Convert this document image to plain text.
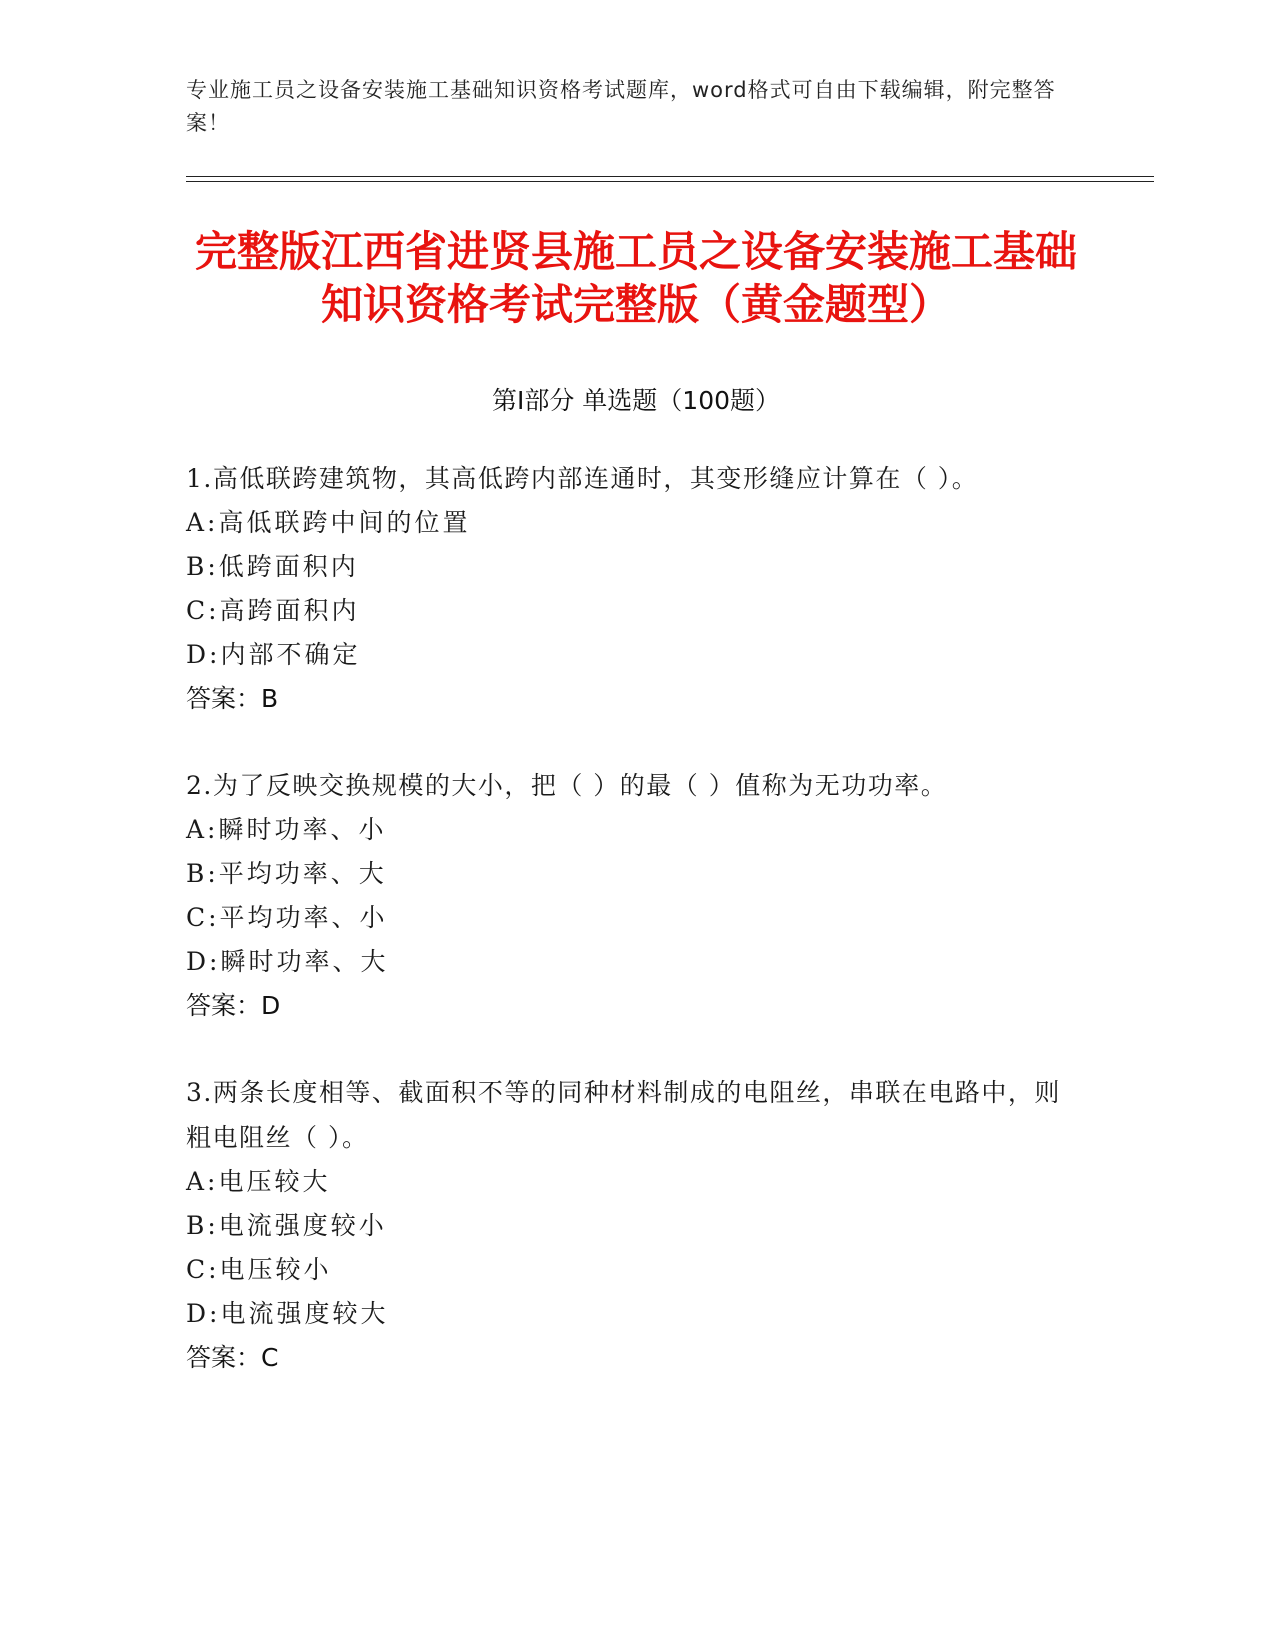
专业施工员之设备安装施工基础知识资格考试题库，word格式可自由下载编辑，附完整答案！
完整版江西省进贤县施工员之设备安装施工基础知识资格考试完整版（黄金题型）
第Ⅰ部分 单选题（100题）

1.高低联跨建筑物，其高低跨内部连通时，其变形缝应计算在（ ）。

A:高低联跨中间的位置

B:低跨面积内

C:高跨面积内

D:内部不确定

答案：B

2.为了反映交换规模的大小，把（ ）的最（ ）值称为无功功率。

A:瞬时功率、小

B:平均功率、大

C:平均功率、小

D:瞬时功率、大

答案：D

3.两条长度相等、截面积不等的同种材料制成的电阻丝，串联在电路中，则粗电阻丝（ ）。

A:电压较大

B:电流强度较小

C:电压较小

D:电流强度较大

答案：C
